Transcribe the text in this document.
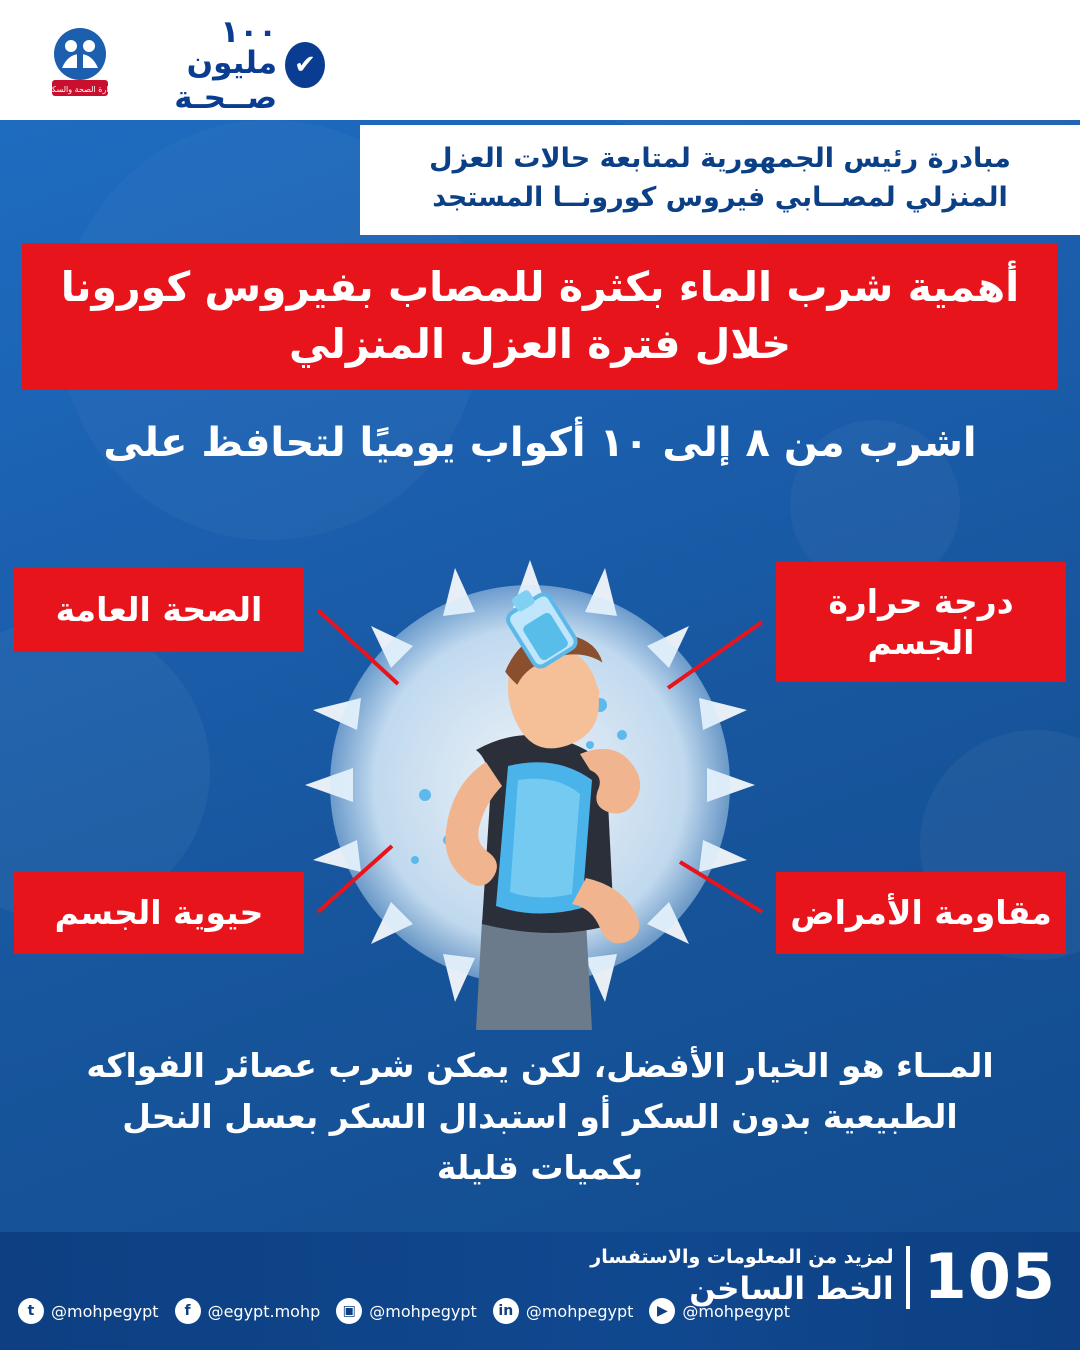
وزارة الصحة والسكان
✔
١٠٠ مليون
صــحـة
مبادرة رئيس الجمهورية لمتابعة حالات العزل المنزلي لمصــابي فيروس كورونــا المستجد
أهمية شرب الماء بكثرة للمصاب بفيروس كورونا خلال فترة العزل المنزلي
اشرب من ٨ إلى ١٠ أكواب يوميًا لتحافظ على
درجة حرارة الجسم
الصحة العامة
مقاومة الأمراض
حيوية الجسم
المــاء هو الخيار الأفضل، لكن يمكن شرب عصائر الفواكه الطبيعية بدون السكر أو استبدال السكر بعسل النحل بكميات قليلة
105
لمزيد من المعلومات والاستفسار
الخط الساخن
t	@mohpegypt	f	@egypt.mohp	▣ @mohpegypt	in @mohpegypt	▶ @mohpegypt
